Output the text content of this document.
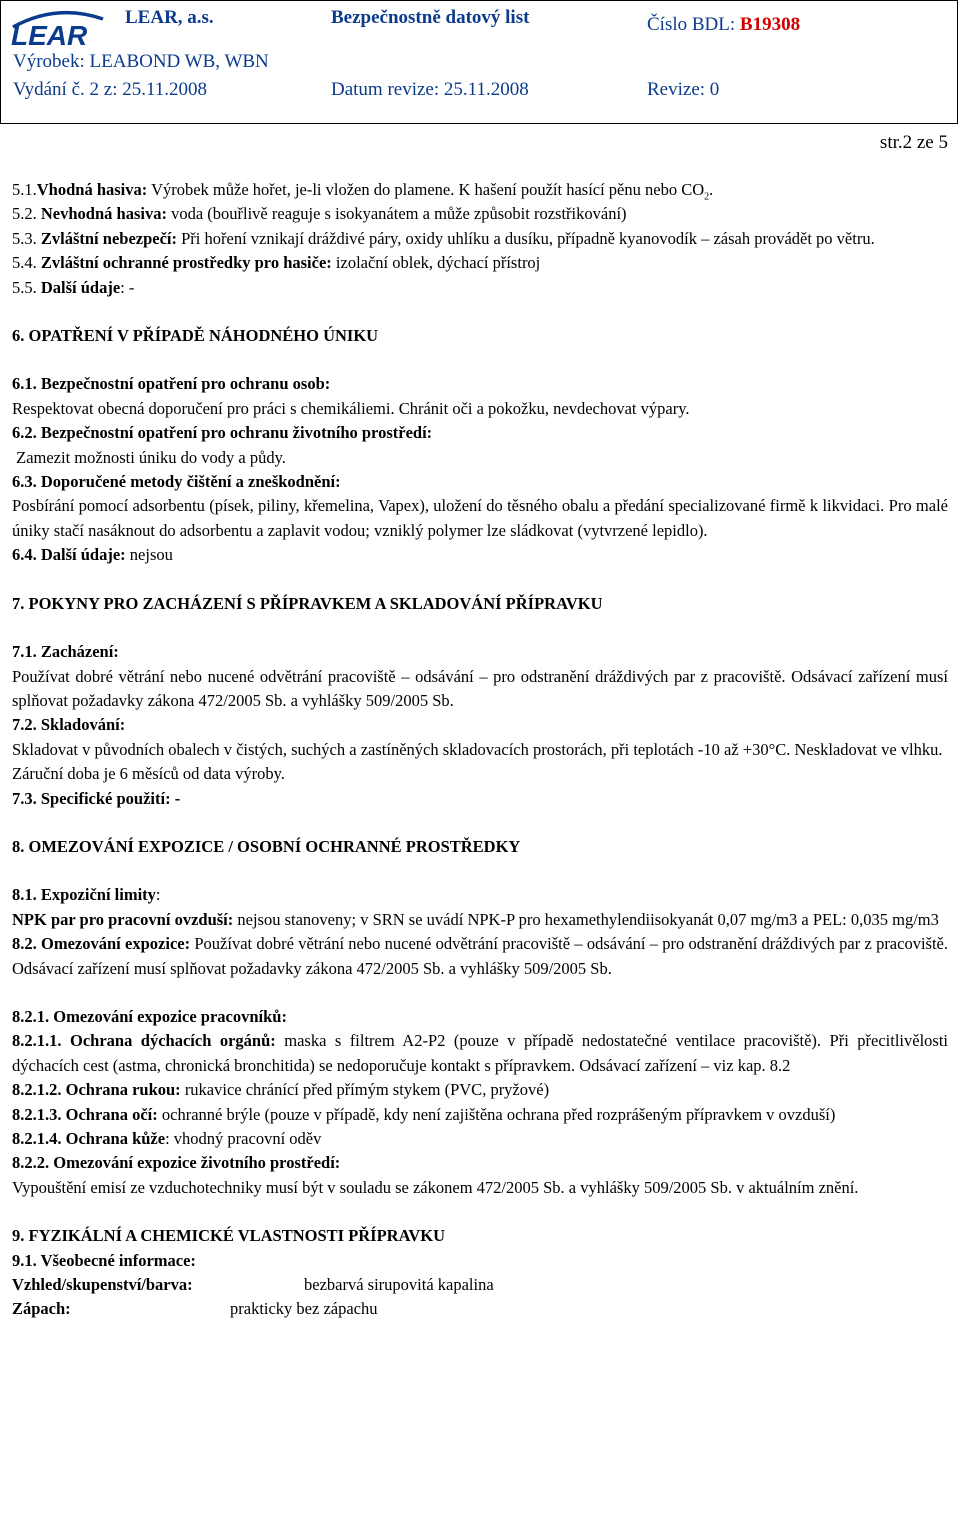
LEAR
LEAR, a.s.	Bezpečnostně datový list	Číslo BDL: B19308
Výrobek: LEABOND WB, WBN
Vydání č. 2 z: 25.11.2008	Datum revize: 25.11.2008	Revize: 0
str.2 ze 5

5.1.Vhodná hasiva: Výrobek může hořet, je-li vložen do plamene. K hašení použít hasící pěnu nebo $CO_2$.

5.2. Nevhodná hasiva: voda (bouřlivě reaguje s isokyanátem a může způsobit rozstřikování)

5.3. Zvláštní nebezpečí: Při hoření vznikají dráždivé páry, oxidy uhlíku a dusíku, případně kyanovodík – zásah provádět po větru.

5.4. Zvláštní ochranné prostředky pro hasiče: izolační oblek, dýchací přístroj

5.5. Další údaje: -

6. OPATŘENÍ V PŘÍPADĚ NÁHODNÉHO ÚNIKU

6.1. Bezpečnostní opatření pro ochranu osob:

Respektovat obecná doporučení pro práci s chemikáliemi. Chránit oči a pokožku, nevdechovat výpary.

6.2. Bezpečnostní opatření pro ochranu životního prostředí:

Zamezit možnosti úniku do vody a půdy.

6.3. Doporučené metody čištění a zneškodnění:

Posbírání pomocí adsorbentu (písek, piliny, křemelina, Vapex), uložení do těsného obalu a předání specializované firmě k likvidaci. Pro malé úniky stačí nasáknout do adsorbentu a zaplavit vodou; vzniklý polymer lze sládkovat (vytvrzené lepidlo).

6.4. Další údaje: nejsou

7. POKYNY PRO ZACHÁZENÍ S PŘÍPRAVKEM A SKLADOVÁNÍ PŘÍPRAVKU

7.1. Zacházení:

Používat dobré větrání nebo nucené odvětrání pracoviště – odsávání – pro odstranění dráždivých par z pracoviště. Odsávací zařízení musí splňovat požadavky zákona 472/2005 Sb. a vyhlášky 509/2005 Sb.

7.2. Skladování:

Skladovat v původních obalech v čistých, suchých a zastíněných skladovacích prostorách, při teplotách -10 až +30°C. Neskladovat ve vlhku.

Záruční doba je 6 měsíců od data výroby.

7.3. Specifické použití: -

8. OMEZOVÁNÍ EXPOZICE / OSOBNÍ OCHRANNÉ PROSTŘEDKY

8.1. Expoziční limity:

NPK par pro pracovní ovzduší: nejsou stanoveny; v SRN se uvádí NPK-P pro hexamethylendiisokyanát 0,07 mg/m3 a PEL: 0,035 mg/m3

8.2. Omezování expozice: Používat dobré větrání nebo nucené odvětrání pracoviště – odsávání – pro odstranění dráždivých par z pracoviště. Odsávací zařízení musí splňovat požadavky zákona 472/2005 Sb. a vyhlášky 509/2005 Sb.

8.2.1. Omezování expozice pracovníků:

8.2.1.1. Ochrana dýchacích orgánů: maska s filtrem A2-P2 (pouze v případě nedostatečné ventilace pracoviště). Při přecitlivělosti dýchacích cest (astma, chronická bronchitida) se nedoporučuje kontakt s přípravkem. Odsávací zařízení – viz kap. 8.2

8.2.1.2. Ochrana rukou: rukavice chránící před přímým stykem (PVC, pryžové)

8.2.1.3. Ochrana očí: ochranné brýle (pouze v případě, kdy není zajištěna ochrana před rozprášeným přípravkem v ovzduší)

8.2.1.4. Ochrana kůže: vhodný pracovní oděv

8.2.2. Omezování expozice životního prostředí:

Vypouštění emisí ze vzduchotechniky musí být v souladu se zákonem 472/2005 Sb. a vyhlášky 509/2005 Sb. v aktuálním znění.

9. FYZIKÁLNÍ A CHEMICKÉ VLASTNOSTI PŘÍPRAVKU

9.1. Všeobecné informace:

Vzhled/skupenství/barva:	bezbarvá sirupovitá kapalina

Zápach:	prakticky bez zápachu
